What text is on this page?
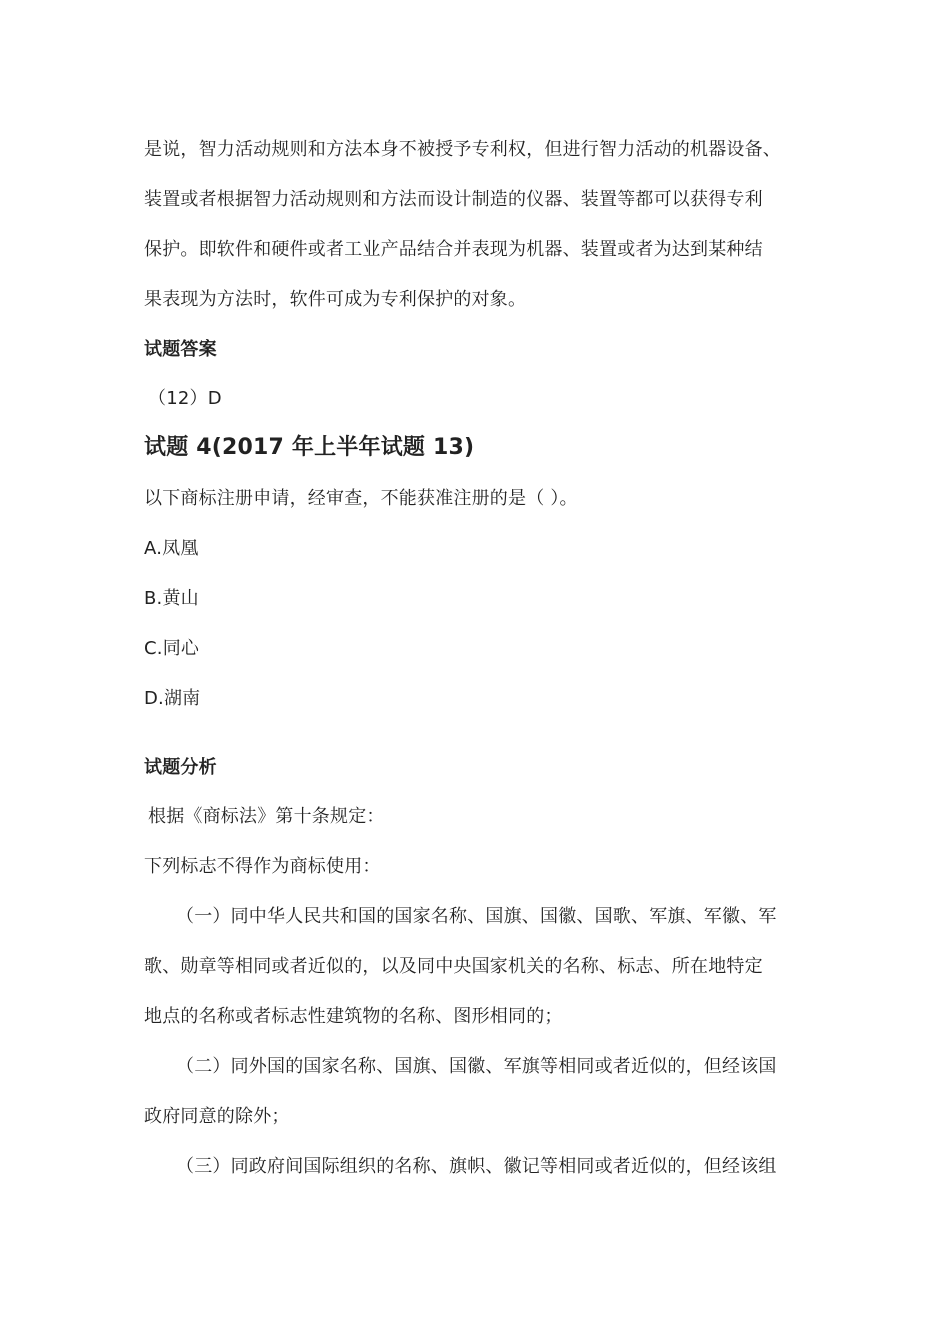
是说，智力活动规则和方法本身不被授予专利权，但进行智力活动的机器设备、
装置或者根据智力活动规则和方法而设计制造的仪器、装置等都可以获得专利
保护。即软件和硬件或者工业产品结合并表现为机器、装置或者为达到某种结
果表现为方法时，软件可成为专利保护的对象。
试题答案
（12）D
试题 4(2017 年上半年试题 13)
以下商标注册申请，经审查，不能获准注册的是（ ）。
A.凤凰
B.黄山
C.同心
D.湖南
试题分析
根据《商标法》第十条规定：
下列标志不得作为商标使用：
（一）同中华人民共和国的国家名称、国旗、国徽、国歌、军旗、军徽、军
歌、勋章等相同或者近似的，以及同中央国家机关的名称、标志、所在地特定
地点的名称或者标志性建筑物的名称、图形相同的；
（二）同外国的国家名称、国旗、国徽、军旗等相同或者近似的，但经该国
政府同意的除外；
（三）同政府间国际组织的名称、旗帜、徽记等相同或者近似的，但经该组
